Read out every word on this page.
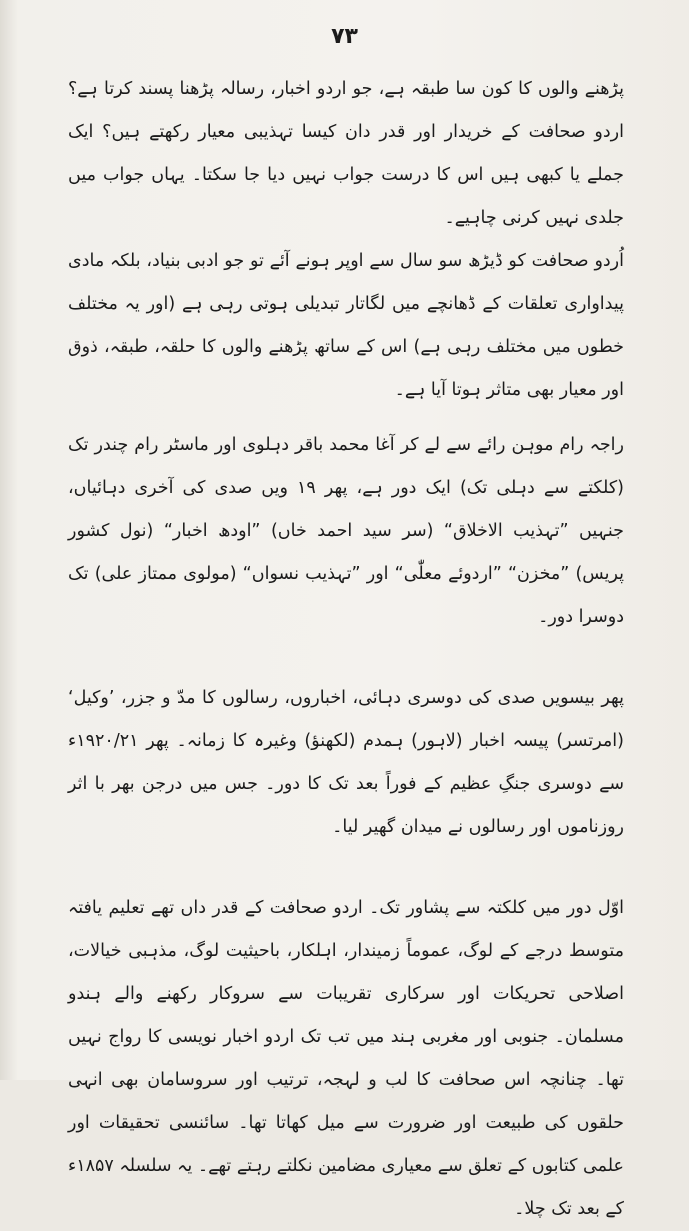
۷۳

پڑھنے والوں کا کون سا طبقہ ہے، جو اردو اخبار، رسالہ پڑھنا پسند کرتا ہے؟ اردو صحافت کے خریدار اور قدر دان کیسا تہذیبی معیار رکھتے ہیں؟ ایک جملے یا کبھی ہیں اس کا درست جواب نہیں دیا جا سکتا۔ یہاں جواب میں جلدی نہیں کرنی چاہیے۔

اُردو صحافت کو ڈیڑھ سو سال سے اوپر ہونے آئے تو جو ادبی بنیاد، بلکہ مادی پیداواری تعلقات کے ڈھانچے میں لگاتار تبدیلی ہوتی رہی ہے (اور یہ مختلف خطوں میں مختلف رہی ہے) اس کے ساتھ پڑھنے والوں کا حلقہ، طبقہ، ذوق اور معیار بھی متاثر ہوتا آیا ہے۔

راجہ رام موہن رائے سے لے کر آغا محمد باقر دہلوی اور ماسٹر رام چندر تک (کلکتے سے دہلی تک) ایک دور ہے، پھر ۱۹ ویں صدی کی آخری دہائیاں، جنہیں ”تہذیب الاخلاق“ (سر سید احمد خاں) ”اودھ اخبار“ (نول کشور پریس) ”مخزن“ ”اردوئے معلّٰی“ اور ”تہذیب نسواں“ (مولوی ممتاز علی) تک دوسرا دور۔

پھر بیسویں صدی کی دوسری دہائی، اخباروں، رسالوں کا مدّ و جزر، ’وکیل‘ (امرتسر) پیسہ اخبار (لاہور) ہمدم (لکھنؤ) وغیرہ کا زمانہ۔ پھر ۱۹۲۰/۲۱ء سے دوسری جنگِ عظیم کے فوراً بعد تک کا دور۔ جس میں درجن بھر با اثر روزناموں اور رسالوں نے میدان گھیر لیا۔

اوّل دور میں کلکتہ سے پشاور تک۔ اردو صحافت کے قدر داں تھے تعلیم یافتہ متوسط درجے کے لوگ، عموماً زمیندار، اہلکار، باحیثیت لوگ، مذہبی خیالات، اصلاحی تحریکات اور سرکاری تقریبات سے سروکار رکھنے والے ہندو مسلمان۔ جنوبی اور مغربی ہند میں تب تک اردو اخبار نویسی کا رواج نہیں تھا۔ چنانچہ اس صحافت کا لب و لہجہ، ترتیب اور سروسامان بھی انہی حلقوں کی طبیعت اور ضرورت سے میل کھاتا تھا۔ سائنسی تحقیقات اور علمی کتابوں کے تعلق سے معیاری مضامین نکلتے رہتے تھے۔ یہ سلسلہ ۱۸۵۷ء کے بعد تک چلا۔
